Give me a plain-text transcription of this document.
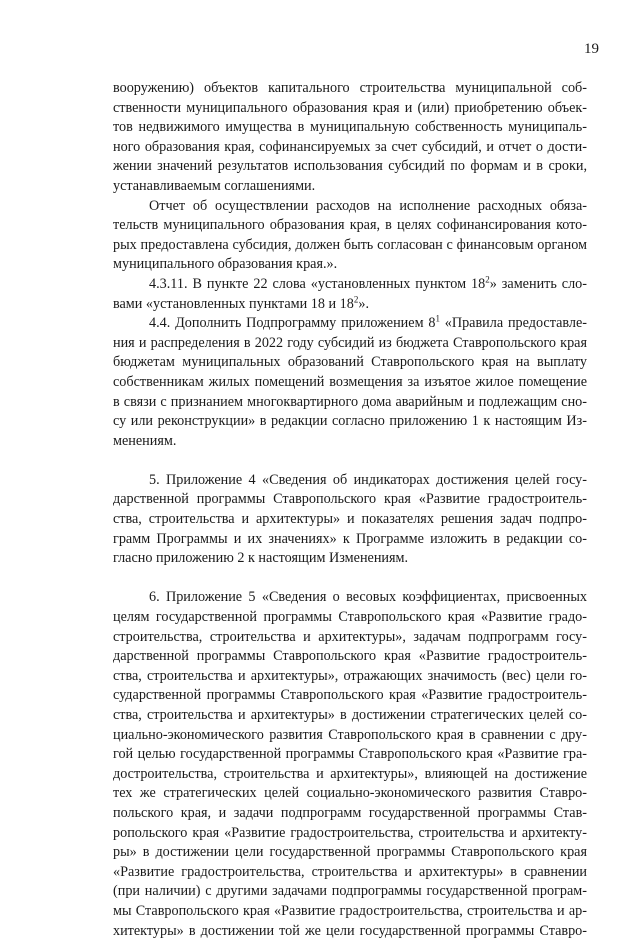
19
вооружению) объектов капитального строительства муниципальной соб-
ственности муниципального образования края и (или) приобретению объек-
тов недвижимого имущества в муниципальную собственность муниципаль-
ного образования края, софинансируемых за счет субсидий, и отчет о дости-
жении значений результатов использования субсидий по формам и в сроки,
устанавливаемым соглашениями.
Отчет об осуществлении расходов на исполнение расходных обяза-
тельств муниципального образования края, в целях софинансирования кото-
рых предоставлена субсидия, должен быть согласован с финансовым органом
муниципального образования края.».
4.3.11. В пункте 22 слова «установленных пунктом $18^2$» заменить сло-
вами «установленных пунктами 18 и $18^2$».
4.4. Дополнить Подпрограмму приложением $8^1$ «Правила предоставле-
ния и распределения в 2022 году субсидий из бюджета Ставропольского края
бюджетам муниципальных образований Ставропольского края на выплату
собственникам жилых помещений возмещения за изъятое жилое помещение
в связи с признанием многоквартирного дома аварийным и подлежащим сно-
су или реконструкции» в редакции согласно приложению 1 к настоящим Из-
менениям.
5. Приложение 4 «Сведения об индикаторах достижения целей госу-
дарственной программы Ставропольского края «Развитие градостроитель-
ства, строительства и архитектуры» и показателях решения задач подпро-
грамм Программы и их значениях» к Программе изложить в редакции со-
гласно приложению 2 к настоящим Изменениям.
6. Приложение 5 «Сведения о весовых коэффициентах, присвоенных
целям государственной программы Ставропольского края «Развитие градо-
строительства, строительства и архитектуры», задачам подпрограмм госу-
дарственной программы Ставропольского края «Развитие градостроитель-
ства, строительства и архитектуры», отражающих значимость (вес) цели го-
сударственной программы Ставропольского края «Развитие градостроитель-
ства, строительства и архитектуры» в достижении стратегических целей со-
циально-экономического развития Ставропольского края в сравнении с дру-
гой целью государственной программы Ставропольского края «Развитие гра-
достроительства, строительства и архитектуры», влияющей на достижение
тех же стратегических целей социально-экономического развития Ставро-
польского края, и задачи подпрограмм государственной программы Став-
ропольского края «Развитие градостроительства, строительства и архитекту-
ры» в достижении цели государственной программы Ставропольского края
«Развитие градостроительства, строительства и архитектуры» в сравнении
(при наличии) с другими задачами подпрограммы государственной програм-
мы Ставропольского края «Развитие градостроительства, строительства и ар-
хитектуры» в достижении той же цели государственной программы Ставро-
